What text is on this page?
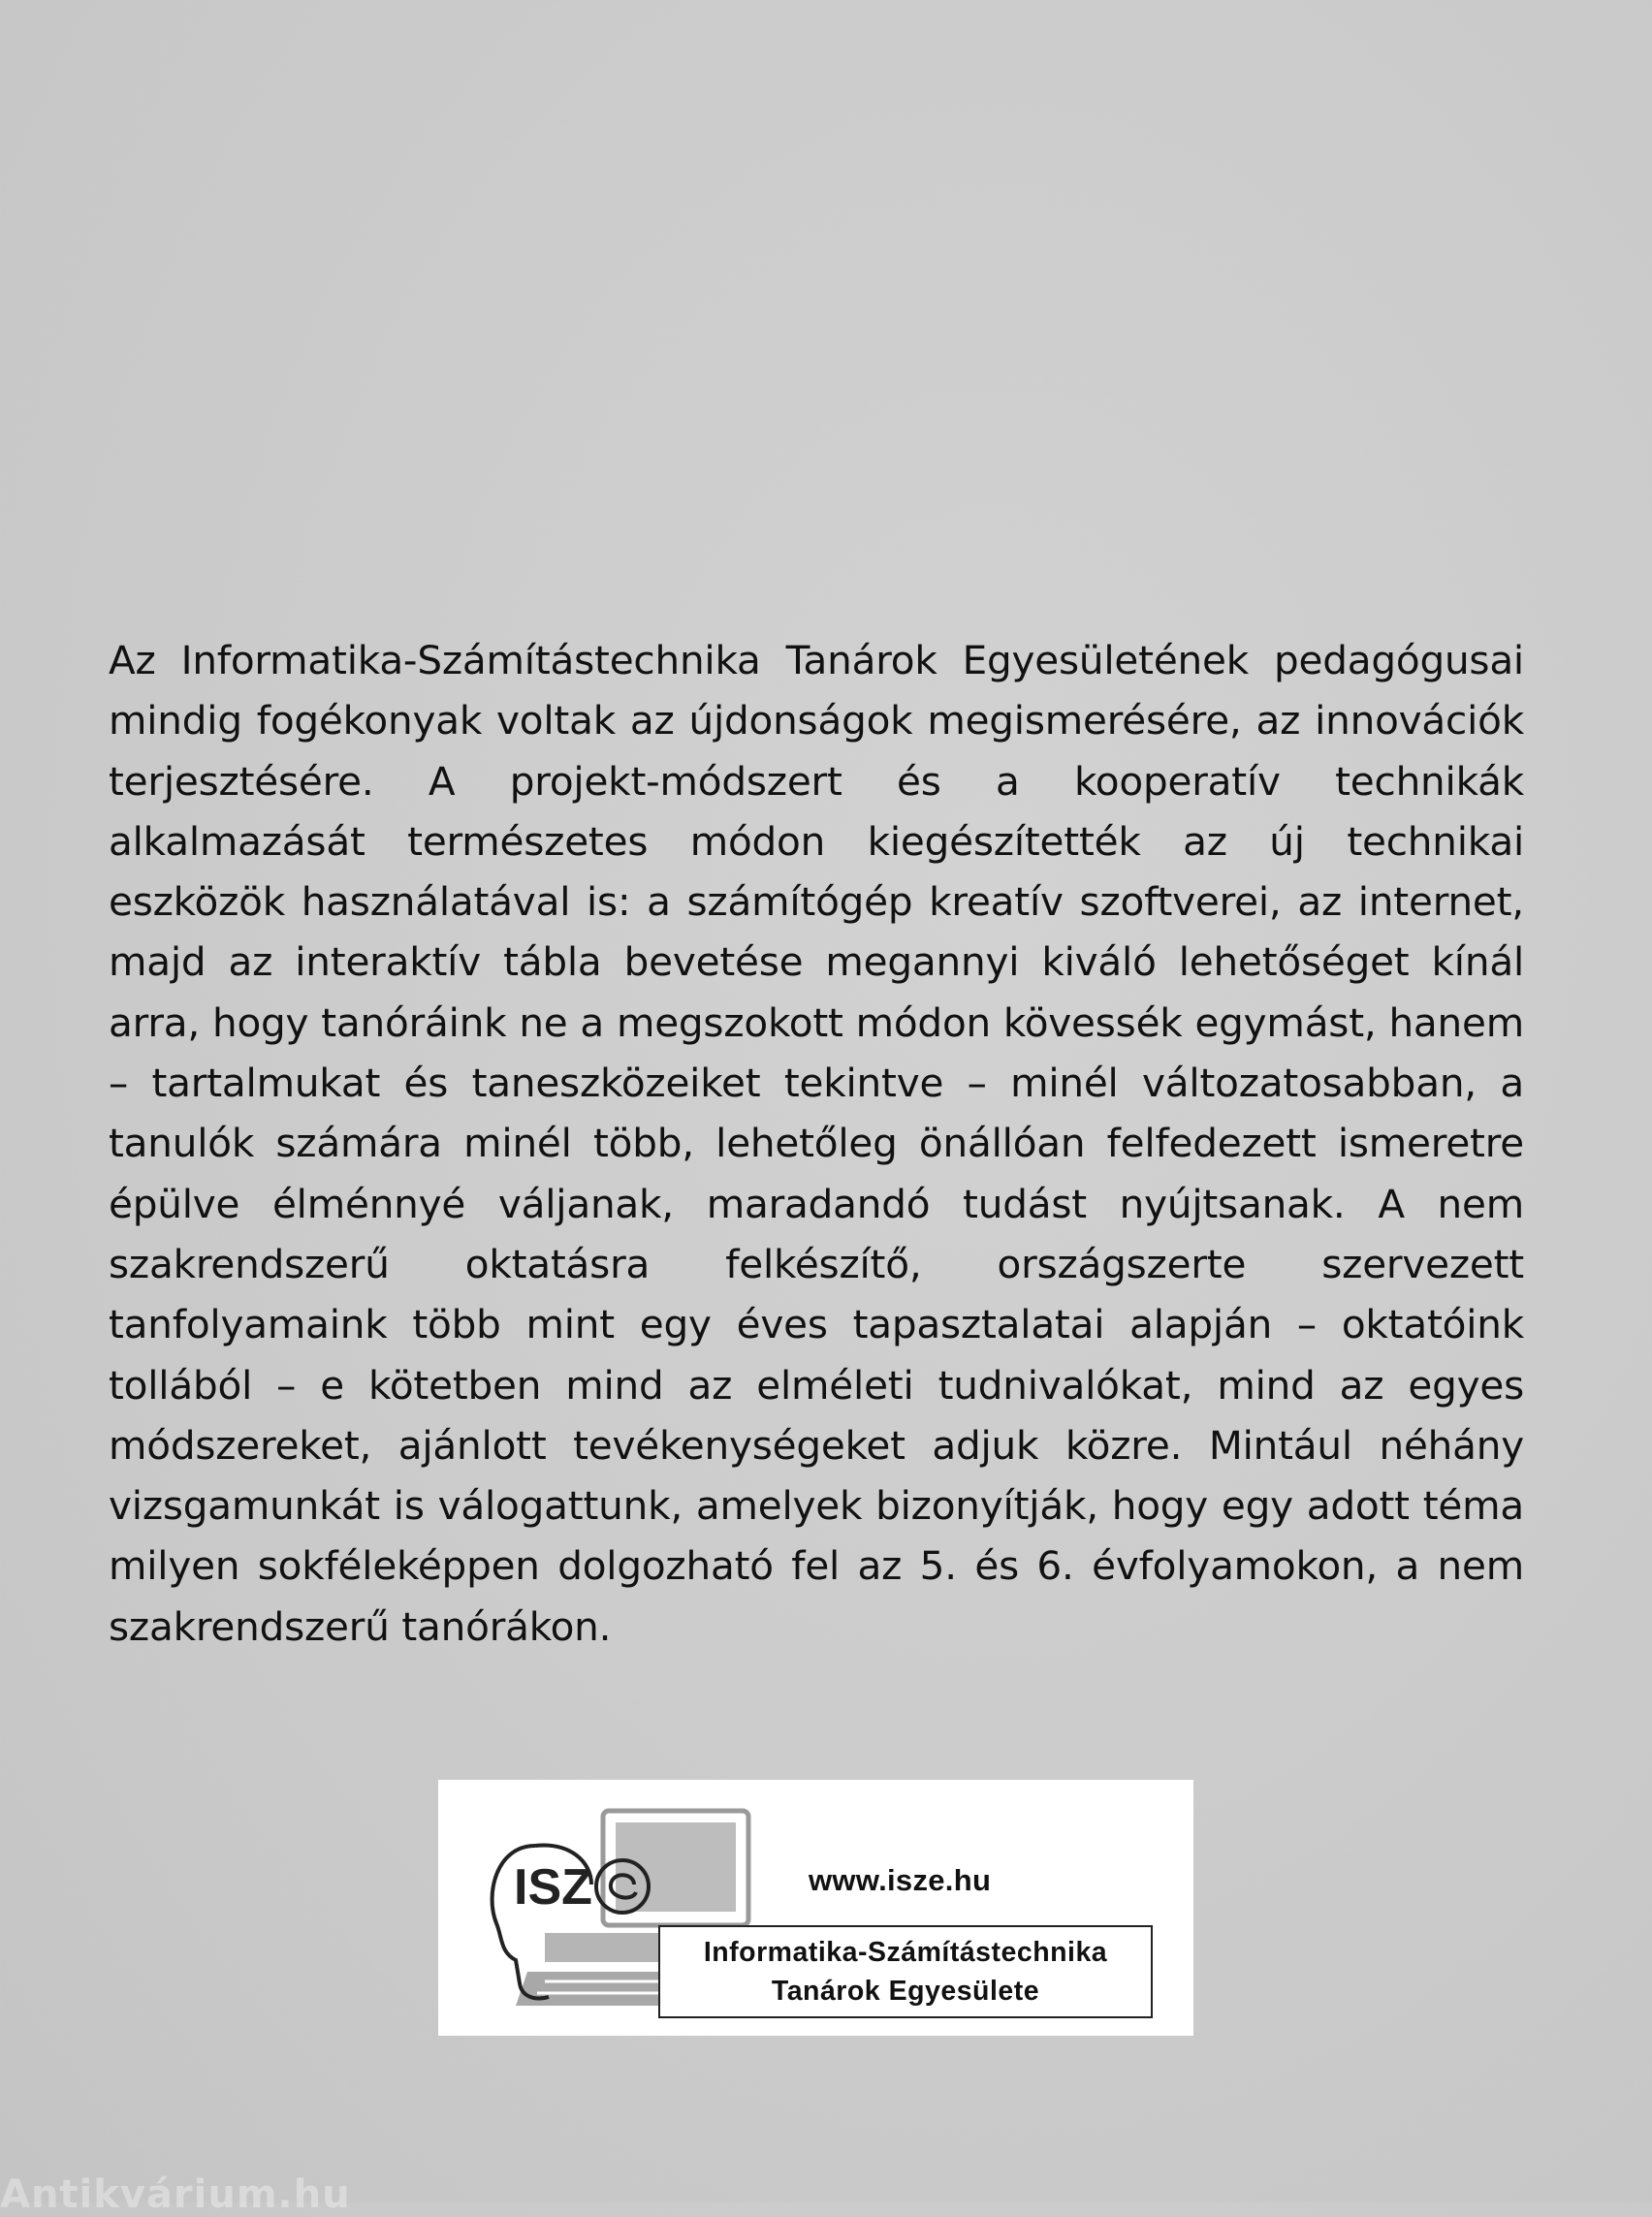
Az Informatika-Számítástechnika Tanárok Egyesületének pedagógusai mindig fogékonyak voltak az újdonságok megismerésére, az innovációk terjesztésére. A projekt-módszert és a kooperatív technikák alkalmazását természetes módon kiegészítették az új technikai eszközök használatával is: a számítógép kreatív szoftverei, az internet, majd az interaktív tábla bevetése megannyi kiváló lehetőséget kínál arra, hogy tanóráink ne a megszokott módon kövessék egymást, hanem – tartalmukat és taneszközeiket tekintve – minél változatosabban, a tanulók számára minél több, lehetőleg önállóan felfedezett ismeretre épülve élménnyé váljanak, maradandó tudást nyújtsanak. A nem szakrendszerű oktatásra felkészítő, országszerte szervezett tanfolyamaink több mint egy éves tapasztalatai alapján – oktatóink tollából – e kötetben mind az elméleti tudnivalókat, mind az egyes módszereket, ajánlott tevékenységeket adjuk közre. Mintául néhány vizsgamunkát is válogattunk, amelyek bizonyítják, hogy egy adott téma milyen sokféleképpen dolgozható fel az 5. és 6. évfolyamokon, a nem szakrendszerű tanórákon.

ISZ	www.isze.hu
Informatika-Számítástechnika
Tanárok Egyesülete
Antikvárium.hu
